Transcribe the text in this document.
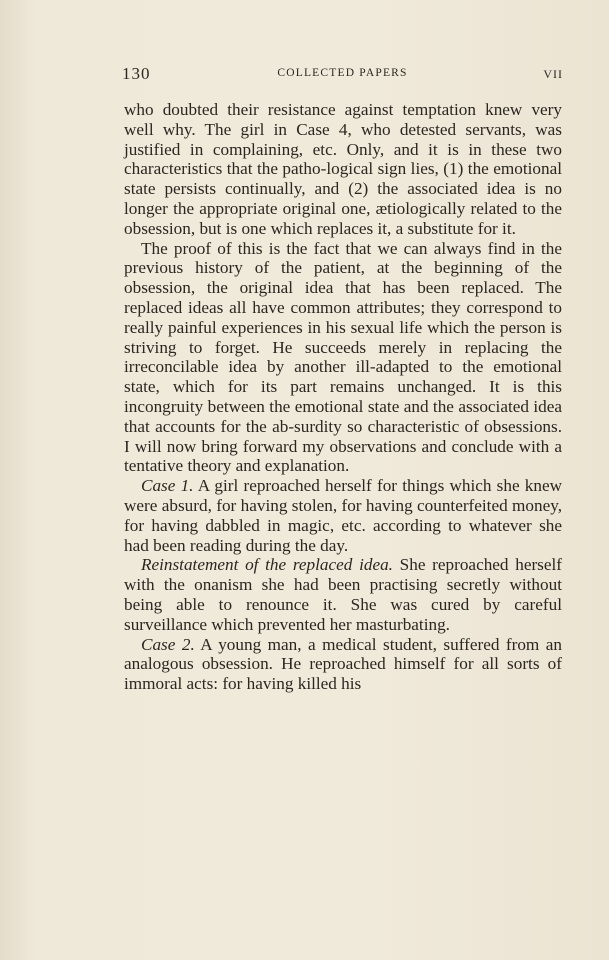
130	COLLECTED PAPERS	VII

who doubted their resistance against temptation knew very well why. The girl in Case 4, who detested servants, was justified in complaining, etc. Only, and it is in these two characteristics that the patho-logical sign lies, (1) the emotional state persists continually, and (2) the associated idea is no longer the appropriate original one, ætiologically related to the obsession, but is one which replaces it, a substitute for it.

The proof of this is the fact that we can always find in the previous history of the patient, at the beginning of the obsession, the original idea that has been replaced. The replaced ideas all have common attributes; they correspond to really painful experiences in his sexual life which the person is striving to forget. He succeeds merely in replacing the irreconcilable idea by another ill-adapted to the emotional state, which for its part remains unchanged. It is this incongruity between the emotional state and the associated idea that accounts for the ab-surdity so characteristic of obsessions. I will now bring forward my observations and conclude with a tentative theory and explanation.

Case 1. A girl reproached herself for things which she knew were absurd, for having stolen, for having counterfeited money, for having dabbled in magic, etc. according to whatever she had been reading during the day.

Reinstatement of the replaced idea. She reproached herself with the onanism she had been practising secretly without being able to renounce it. She was cured by careful surveillance which prevented her masturbating.

Case 2. A young man, a medical student, suffered from an analogous obsession. He reproached himself for all sorts of immoral acts: for having killed his
